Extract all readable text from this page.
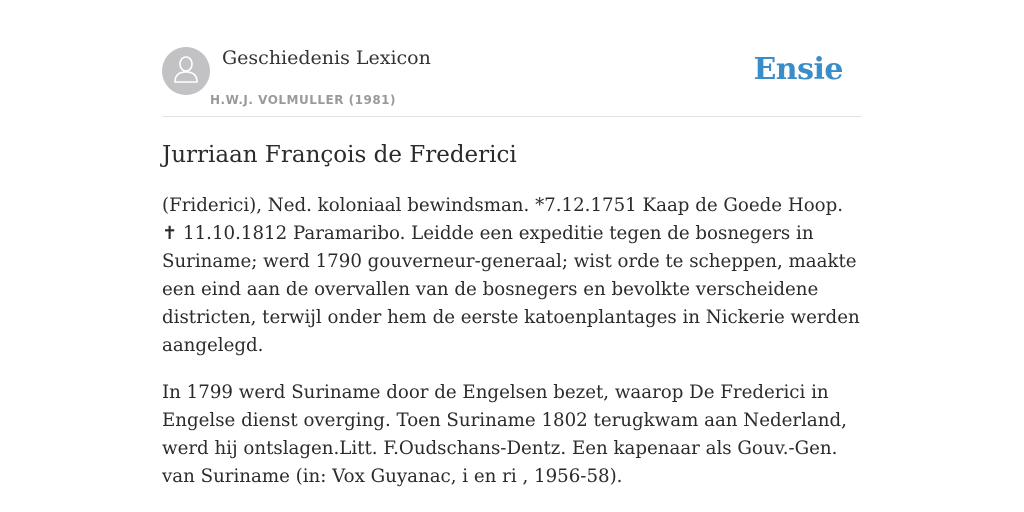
Geschiedenis Lexicon
H.W.J. VOLMULLER (1981)
Ensie
Jurriaan François de Frederici

(Friderici), Ned. koloniaal bewindsman. *7.12.1751 Kaap de Goede Hoop. ✝ 11.10.1812 Paramaribo. Leidde een expeditie tegen de bosnegers in Suriname; werd 1790 gouverneur-generaal; wist orde te scheppen, maakte een eind aan de overvallen van de bosnegers en bevolkte verscheidene districten, terwijl onder hem de eerste katoenplantages in Nickerie werden aangelegd.

In 1799 werd Suriname door de Engelsen bezet, waarop De Frederici in Engelse dienst overging. Toen Suriname 1802 terugkwam aan Nederland, werd hij ontslagen.Litt. F.Oudschans-Dentz. Een kapenaar als Gouv.-Gen. van Suriname (in: Vox Guyanac, i en ri , 1956-58).
